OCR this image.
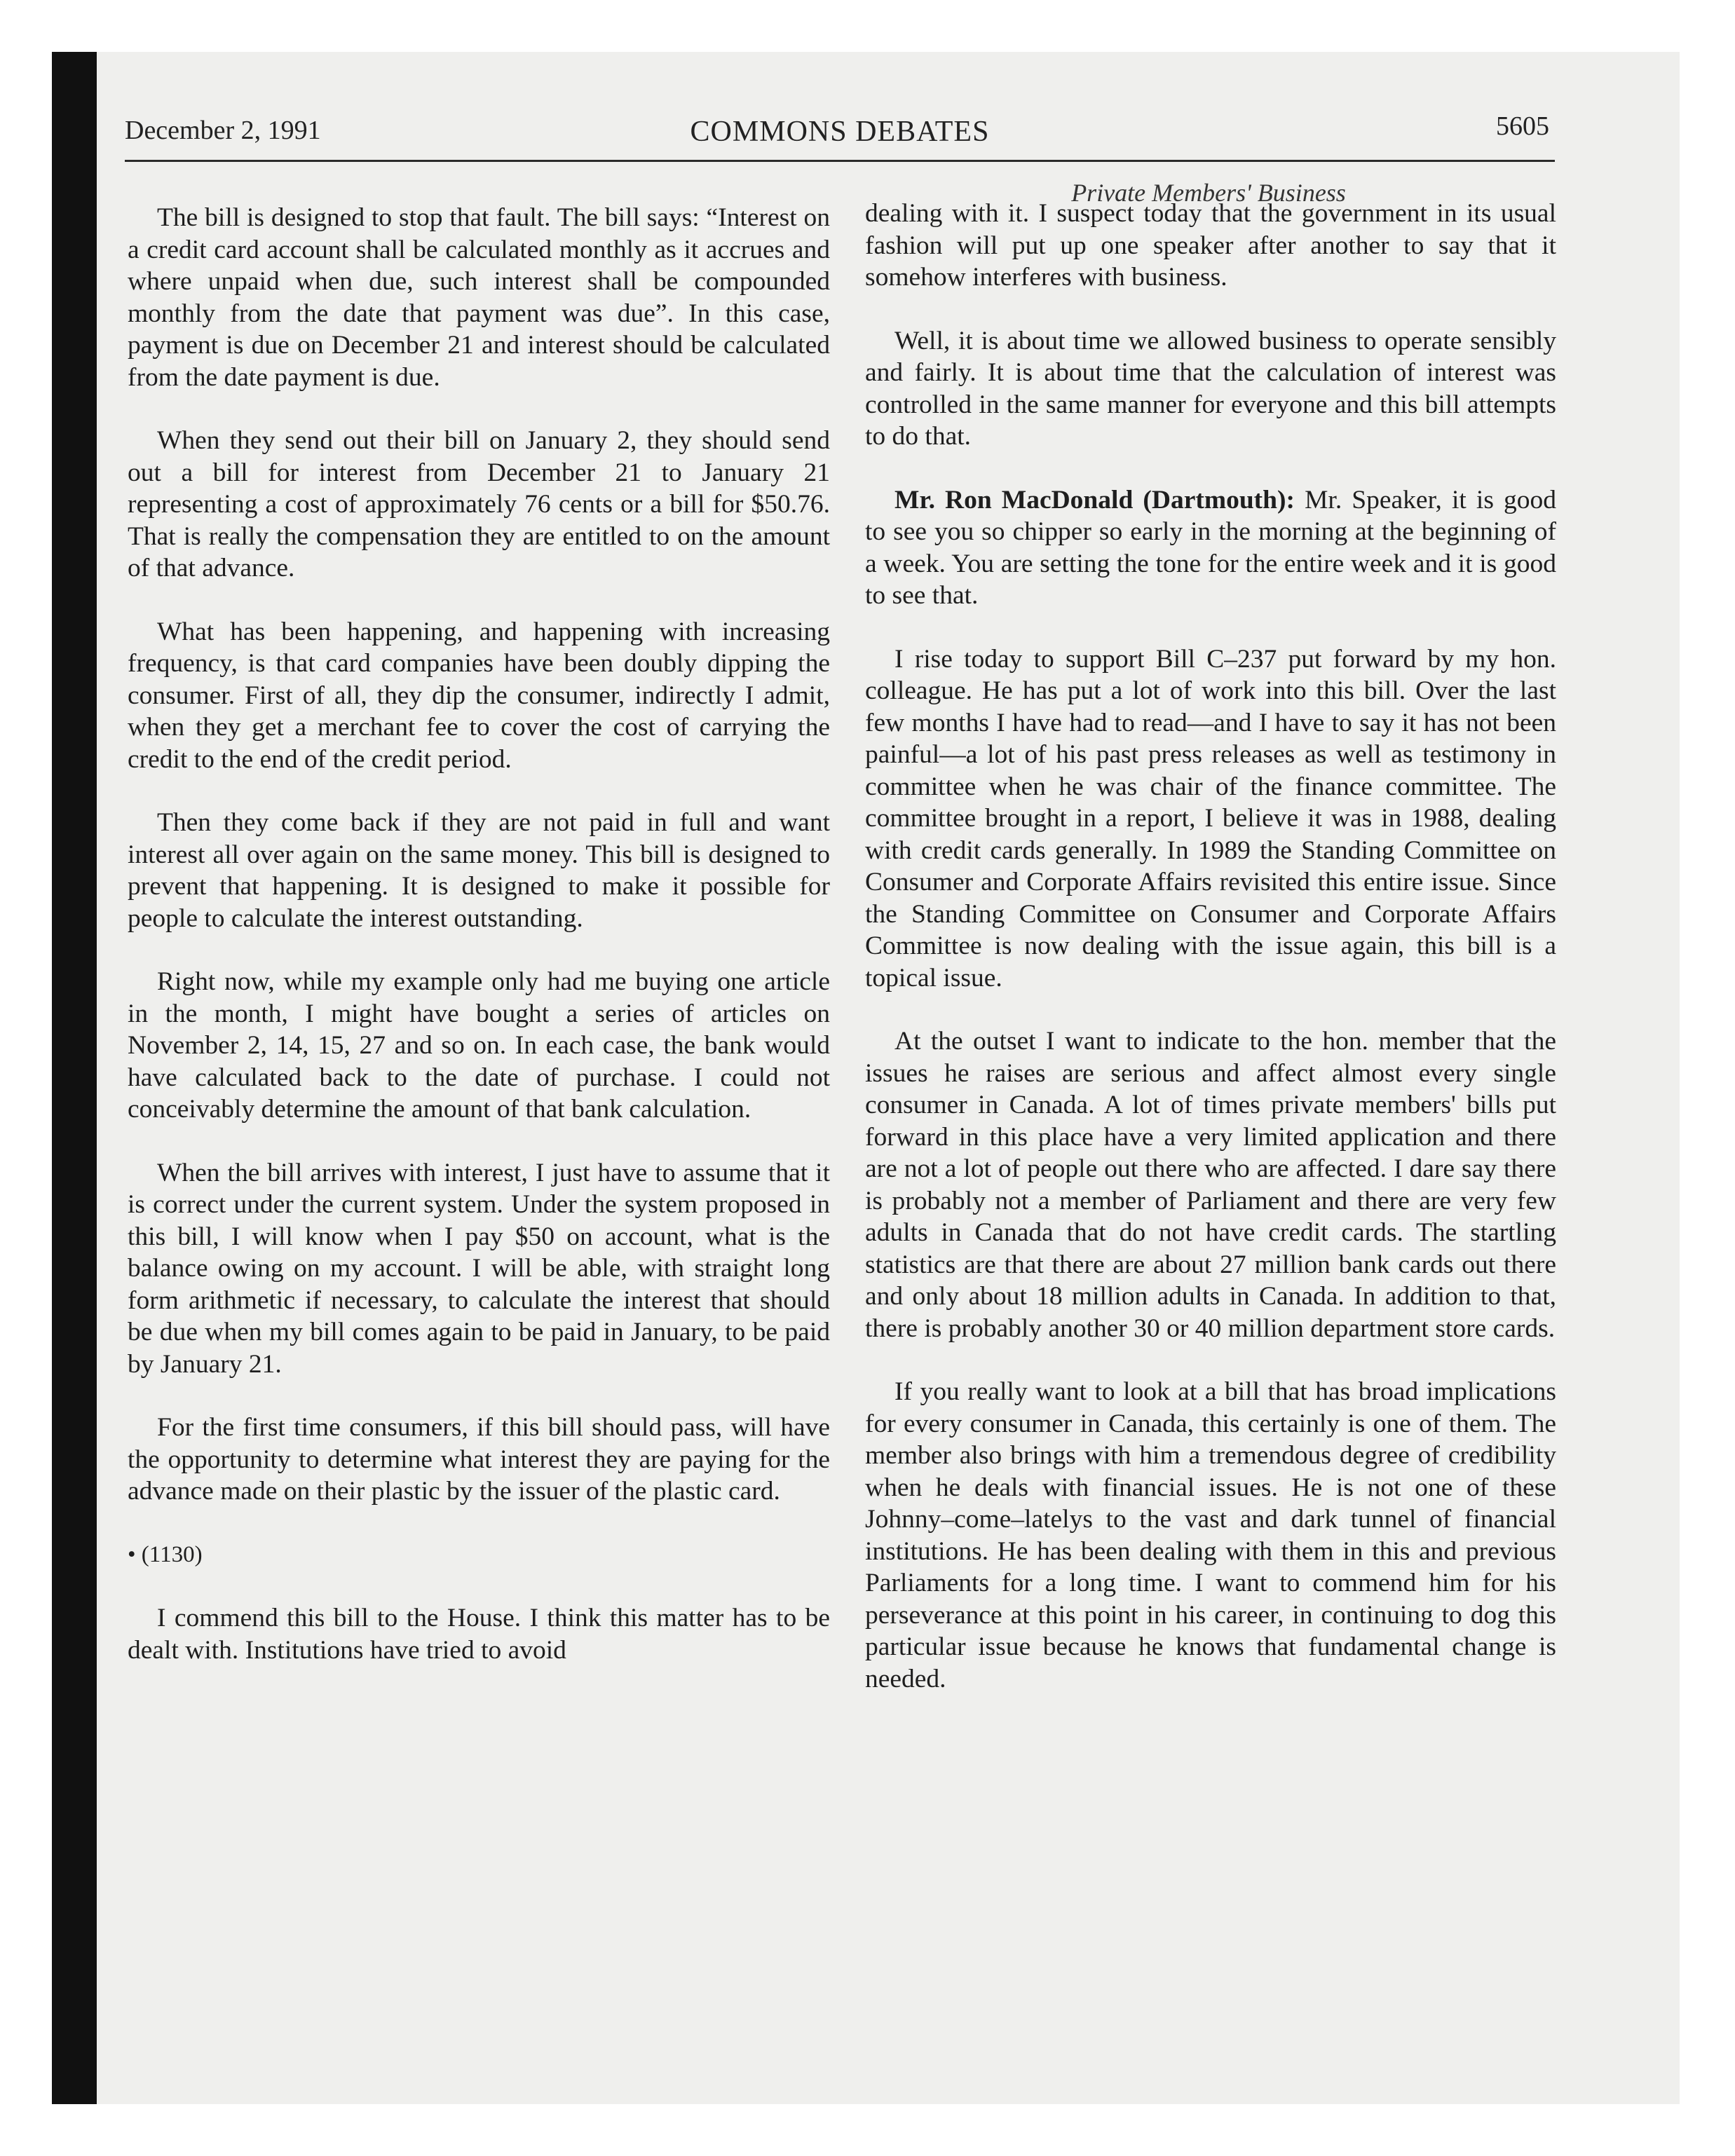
December 2, 1991	COMMONS DEBATES	5605
Private Members' Business

The bill is designed to stop that fault. The bill says: “Interest on a credit card account shall be calculated monthly as it accrues and where unpaid when due, such interest shall be compounded monthly from the date that payment was due”. In this case, payment is due on December 21 and interest should be calculated from the date payment is due.

When they send out their bill on January 2, they should send out a bill for interest from December 21 to January 21 representing a cost of approximately 76 cents or a bill for $50.76. That is really the compensation they are entitled to on the amount of that advance.

What has been happening, and happening with increasing frequency, is that card companies have been doubly dipping the consumer. First of all, they dip the consumer, indirectly I admit, when they get a merchant fee to cover the cost of carrying the credit to the end of the credit period.

Then they come back if they are not paid in full and want interest all over again on the same money. This bill is designed to prevent that happening. It is designed to make it possible for people to calculate the interest outstanding.

Right now, while my example only had me buying one article in the month, I might have bought a series of articles on November 2, 14, 15, 27 and so on. In each case, the bank would have calculated back to the date of purchase. I could not conceivably determine the amount of that bank calculation.

When the bill arrives with interest, I just have to assume that it is correct under the current system. Under the system proposed in this bill, I will know when I pay $50 on account, what is the balance owing on my account. I will be able, with straight long form arithmetic if necessary, to calculate the interest that should be due when my bill comes again to be paid in January, to be paid by January 21.

For the first time consumers, if this bill should pass, will have the opportunity to determine what interest they are paying for the advance made on their plastic by the issuer of the plastic card.

• (1130)

I commend this bill to the House. I think this matter has to be dealt with. Institutions have tried to avoid

dealing with it. I suspect today that the government in its usual fashion will put up one speaker after another to say that it somehow interferes with business.

Well, it is about time we allowed business to operate sensibly and fairly. It is about time that the calculation of interest was controlled in the same manner for everyone and this bill attempts to do that.

Mr. Ron MacDonald (Dartmouth): Mr. Speaker, it is good to see you so chipper so early in the morning at the beginning of a week. You are setting the tone for the entire week and it is good to see that.

I rise today to support Bill C–237 put forward by my hon. colleague. He has put a lot of work into this bill. Over the last few months I have had to read—and I have to say it has not been painful—a lot of his past press releases as well as testimony in committee when he was chair of the finance committee. The committee brought in a report, I believe it was in 1988, dealing with credit cards generally. In 1989 the Standing Committee on Consumer and Corporate Affairs revisited this entire issue. Since the Standing Committee on Consumer and Corporate Affairs Committee is now dealing with the issue again, this bill is a topical issue.

At the outset I want to indicate to the hon. member that the issues he raises are serious and affect almost every single consumer in Canada. A lot of times private members' bills put forward in this place have a very limited application and there are not a lot of people out there who are affected. I dare say there is probably not a member of Parliament and there are very few adults in Canada that do not have credit cards. The startling statistics are that there are about 27 million bank cards out there and only about 18 million adults in Canada. In addition to that, there is probably another 30 or 40 million department store cards.

If you really want to look at a bill that has broad implications for every consumer in Canada, this certainly is one of them. The member also brings with him a tremendous degree of credibility when he deals with financial issues. He is not one of these Johnny–come–latelys to the vast and dark tunnel of financial institutions. He has been dealing with them in this and previous Parliaments for a long time. I want to commend him for his perseverance at this point in his career, in continuing to dog this particular issue because he knows that fundamental change is needed.
